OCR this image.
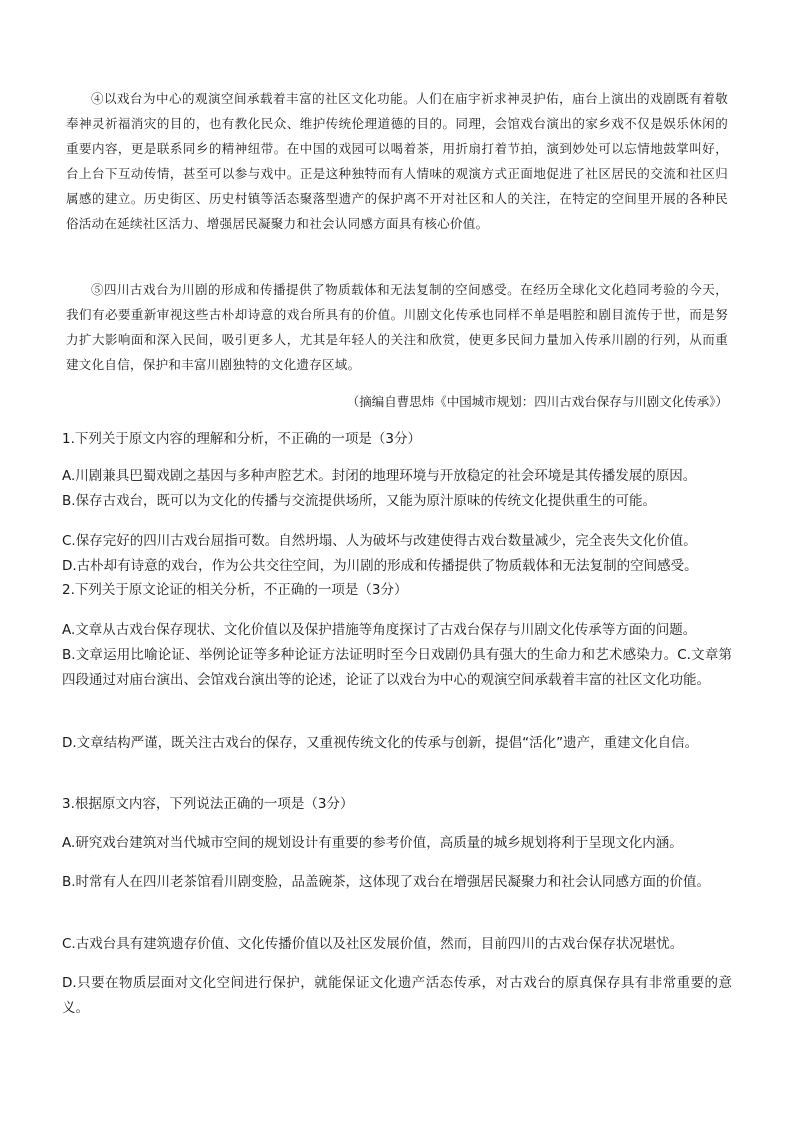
④以戏台为中心的观演空间承载着丰富的社区文化功能。人们在庙宇祈求神灵护佑，庙台上演出的戏剧既有着敬奉神灵祈福消灾的目的，也有教化民众、维护传统伦理道德的目的。同理，会馆戏台演出的家乡戏不仅是娱乐休闲的重要内容，更是联系同乡的精神纽带。在中国的戏园可以喝着茶，用折扇打着节拍，演到妙处可以忘情地鼓掌叫好，台上台下互动传情，甚至可以参与戏中。正是这种独特而有人情味的观演方式正面地促进了社区居民的交流和社区归属感的建立。历史街区、历史村镇等活态聚落型遗产的保护离不开对社区和人的关注，在特定的空间里开展的各种民俗活动在延续社区活力、增强居民凝聚力和社会认同感方面具有核心价值。

⑤四川古戏台为川剧的形成和传播提供了物质载体和无法复制的空间感受。在经历全球化文化趋同考验的今天，我们有必要重新审视这些古朴却诗意的戏台所具有的价值。川剧文化传承也同样不单是唱腔和剧目流传于世，而是努力扩大影响面和深入民间，吸引更多人，尤其是年轻人的关注和欣赏，使更多民间力量加入传承川剧的行列，从而重建文化自信，保护和丰富川剧独特的文化遗存区域。

（摘编自曹思炜《中国城市规划：四川古戏台保存与川剧文化传承》）

1.下列关于原文内容的理解和分析，不正确的一项是（3分）

A.川剧兼具巴蜀戏剧之基因与多种声腔艺术。封闭的地理环境与开放稳定的社会环境是其传播发展的原因。

B.保存古戏台，既可以为文化的传播与交流提供场所，又能为原汁原味的传统文化提供重生的可能。

C.保存完好的四川古戏台屈指可数。自然坍塌、人为破坏与改建使得古戏台数量减少，完全丧失文化价值。

D.古朴却有诗意的戏台，作为公共交往空间，为川剧的形成和传播提供了物质载体和无法复制的空间感受。

2.下列关于原文论证的相关分析，不正确的一项是（3分）

A.文章从古戏台保存现状、文化价值以及保护措施等角度探讨了古戏台保存与川剧文化传承等方面的问题。

B.文章运用比喻论证、举例论证等多种论证方法证明时至今日戏剧仍具有强大的生命力和艺术感染力。C.文章第四段通过对庙台演出、会馆戏台演出等的论述，论证了以戏台为中心的观演空间承载着丰富的社区文化功能。

D.文章结构严谨，既关注古戏台的保存，又重视传统文化的传承与创新，提倡“活化”遗产，重建文化自信。

3.根据原文内容，下列说法正确的一项是（3分）

A.研究戏台建筑对当代城市空间的规划设计有重要的参考价值，高质量的城乡规划将利于呈现文化内涵。

B.时常有人在四川老茶馆看川剧变脸，品盖碗茶，这体现了戏台在增强居民凝聚力和社会认同感方面的价值。

C.古戏台具有建筑遗存价值、文化传播价值以及社区发展价值，然而，目前四川的古戏台保存状况堪忧。

D.只要在物质层面对文化空间进行保护，就能保证文化遗产活态传承，对古戏台的原真保存具有非常重要的意义。
